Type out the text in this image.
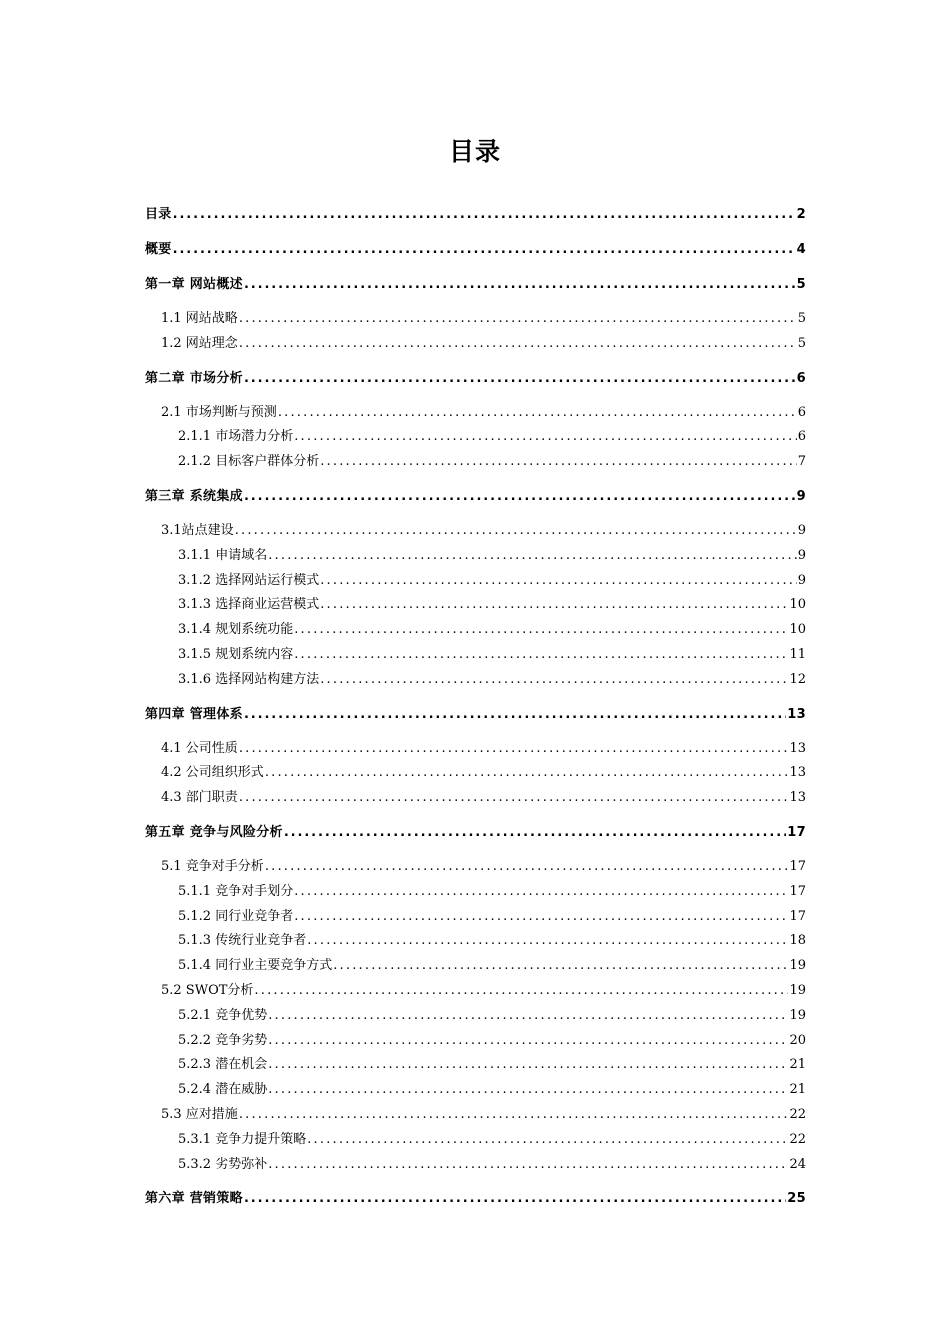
目录
目录 .....	2
概要 .....	4
第一章 网站概述 .....	5
1.1 网站战略 .....	5
1.2 网站理念 .....	5
第二章 市场分析 .....	6
2.1 市场判断与预测 .....	6
2.1.1 市场潜力分析 .....	6
2.1.2 目标客户群体分析 .....	7
第三章 系统集成 .....	9
3.1站点建设 .....	9
3.1.1 申请域名 .....	9
3.1.2 选择网站运行模式 .....	9
3.1.3 选择商业运营模式 .....	10
3.1.4 规划系统功能 .....	10
3.1.5 规划系统内容 .....	11
3.1.6 选择网站构建方法 .....	12
第四章 管理体系 .....	13
4.1 公司性质 .....	13
4.2 公司组织形式 .....	13
4.3 部门职责 .....	13
第五章 竞争与风险分析 .....	17
5.1 竞争对手分析 .....	17
5.1.1 竞争对手划分 .....	17
5.1.2 同行业竞争者 .....	17
5.1.3 传统行业竞争者 .....	18
5.1.4 同行业主要竞争方式 .....	19
5.2 SWOT分析 .....	19
5.2.1 竞争优势 .....	19
5.2.2 竞争劣势 .....	20
5.2.3 潜在机会 .....	21
5.2.4 潜在威胁 .....	21
5.3 应对措施 .....	22
5.3.1 竞争力提升策略 .....	22
5.3.2 劣势弥补 .....	24
第六章 营销策略 .....	25
